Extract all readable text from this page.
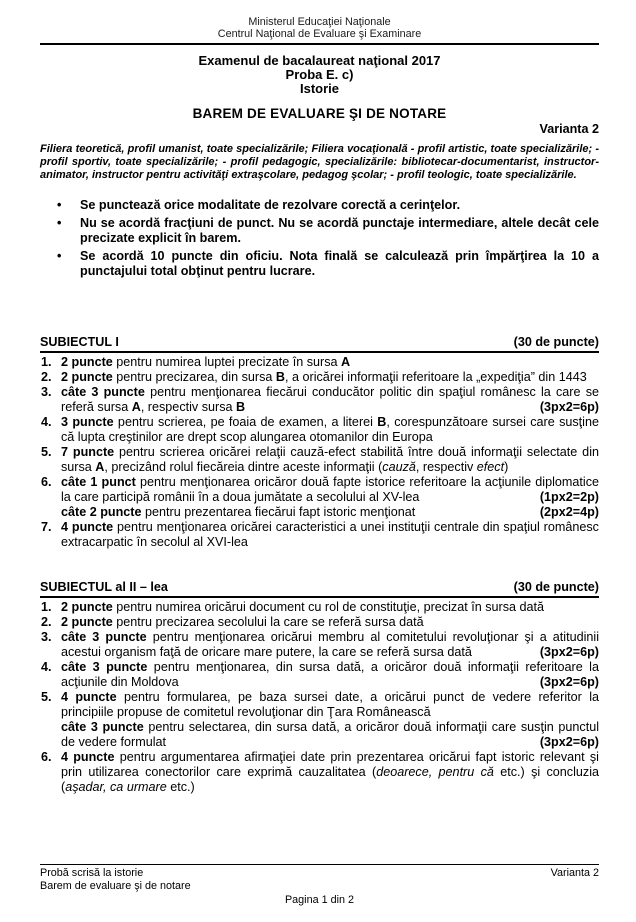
Ministerul Educaţiei Naţionale
Centrul Naţional de Evaluare şi Examinare
Examenul de bacalaureat naţional 2017
Proba E. c)
Istorie
BAREM DE EVALUARE ŞI DE NOTARE
Varianta 2

Filiera teoretică, profil umanist, toate specializările; Filiera vocaţională - profil artistic, toate specializările; - profil sportiv, toate specializările; - profil pedagogic, specializările: bibliotecar-documentarist, instructor-animator, instructor pentru activităţi extraşcolare, pedagog şcolar; - profil teologic, toate specializările.

• Se punctează orice modalitate de rezolvare corectă a cerinţelor.
• Nu se acordă fracţiuni de punct. Nu se acordă punctaje intermediare, altele decât cele precizate explicit în barem.
• Se acordă 10 puncte din oficiu. Nota finală se calculează prin împărţirea la 10 a punctajului total obţinut pentru lucrare.
SUBIECTUL I	(30 de puncte)
1. 2 puncte pentru numirea luptei precizate în sursa A
2. 2 puncte pentru precizarea, din sursa B, a oricărei informaţii referitoare la „expediţia” din 1443
3. câte 3 puncte pentru menţionarea fiecărui conducător politic din spaţiul românesc la care se referă sursa A, respectiv sursa B	(3px2=6p)
4. 3 puncte pentru scrierea, pe foaia de examen, a literei B, corespunzătoare sursei care susţine că lupta creştinilor are drept scop alungarea otomanilor din Europa
5. 7 puncte pentru scrierea oricărei relaţii cauză-efect stabilită între două informaţii selectate din sursa A, precizând rolul fiecăreia dintre aceste informaţii (cauză, respectiv efect)
6. câte 1 punct pentru menţionarea oricăror două fapte istorice referitoare la acţiunile diplomatice la care participă românii în a doua jumătate a secolului al XV-lea	(1px2=2p)
câte 2 puncte pentru prezentarea fiecărui fapt istoric menţionat	(2px2=4p)
7. 4 puncte pentru menţionarea oricărei caracteristici a unei instituţii centrale din spaţiul românesc extracarpatic în secolul al XVI-lea
SUBIECTUL al II – lea	(30 de puncte)
1. 2 puncte pentru numirea oricărui document cu rol de constituţie, precizat în sursa dată
2. 2 puncte pentru precizarea secolului la care se referă sursa dată
3. câte 3 puncte pentru menţionarea oricărui membru al comitetului revoluţionar şi a atitudinii acestui organism faţă de oricare mare putere, la care se referă sursa dată	(3px2=6p)
4. câte 3 puncte pentru menţionarea, din sursa dată, a oricăror două informaţii referitoare la acţiunile din Moldova	(3px2=6p)
5. 4 puncte pentru formularea, pe baza sursei date, a oricărui punct de vedere referitor la principiile propuse de comitetul revoluţionar din Ţara Românească
câte 3 puncte pentru selectarea, din sursa dată, a oricăror două informaţii care susţin punctul de vedere formulat	(3px2=6p)
6. 4 puncte pentru argumentarea afirmaţiei date prin prezentarea oricărui fapt istoric relevant şi prin utilizarea conectorilor care exprimă cauzalitatea (deoarece, pentru că etc.) şi concluzia (aşadar, ca urmare etc.)
Probă scrisă la istorie
Barem de evaluare şi de notare
Varianta 2
Pagina 1 din 2
